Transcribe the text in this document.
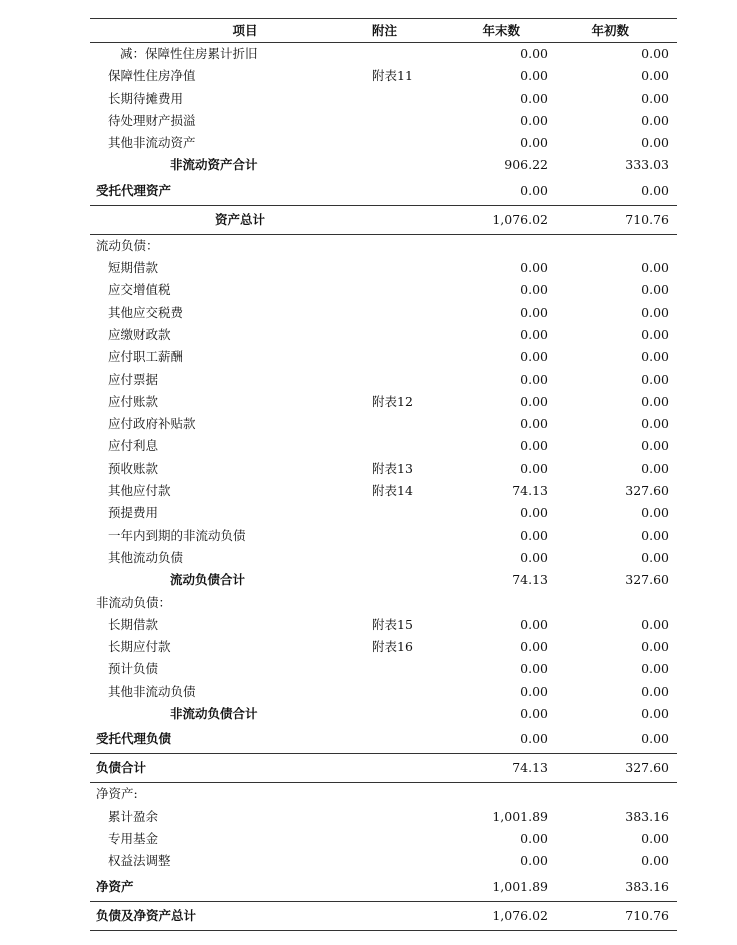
项目	附注	年末数	年初数
减：保障性住房累计折旧		0.00	0.00
保障性住房净值	附表11	0.00	0.00
长期待摊费用		0.00	0.00
待处理财产损溢		0.00	0.00
其他非流动资产		0.00	0.00
非流动资产合计		906.22	333.03
受托代理资产		0.00	0.00
资产总计		1,076.02	710.76
流动负债：			
短期借款		0.00	0.00
应交增值税		0.00	0.00
其他应交税费		0.00	0.00
应缴财政款		0.00	0.00
应付职工薪酬		0.00	0.00
应付票据		0.00	0.00
应付账款	附表12	0.00	0.00
应付政府补贴款		0.00	0.00
应付利息		0.00	0.00
预收账款	附表13	0.00	0.00
其他应付款	附表14	74.13	327.60
预提费用		0.00	0.00
一年内到期的非流动负债		0.00	0.00
其他流动负债		0.00	0.00
流动负债合计		74.13	327.60
非流动负债：			
长期借款	附表15	0.00	0.00
长期应付款	附表16	0.00	0.00
预计负债		0.00	0.00
其他非流动负债		0.00	0.00
非流动负债合计		0.00	0.00
受托代理负债		0.00	0.00
负债合计		74.13	327.60
净资产:			
累计盈余		1,001.89	383.16
专用基金		0.00	0.00
权益法调整		0.00	0.00
净资产		1,001.89	383.16
负债及净资产总计		1,076.02	710.76
